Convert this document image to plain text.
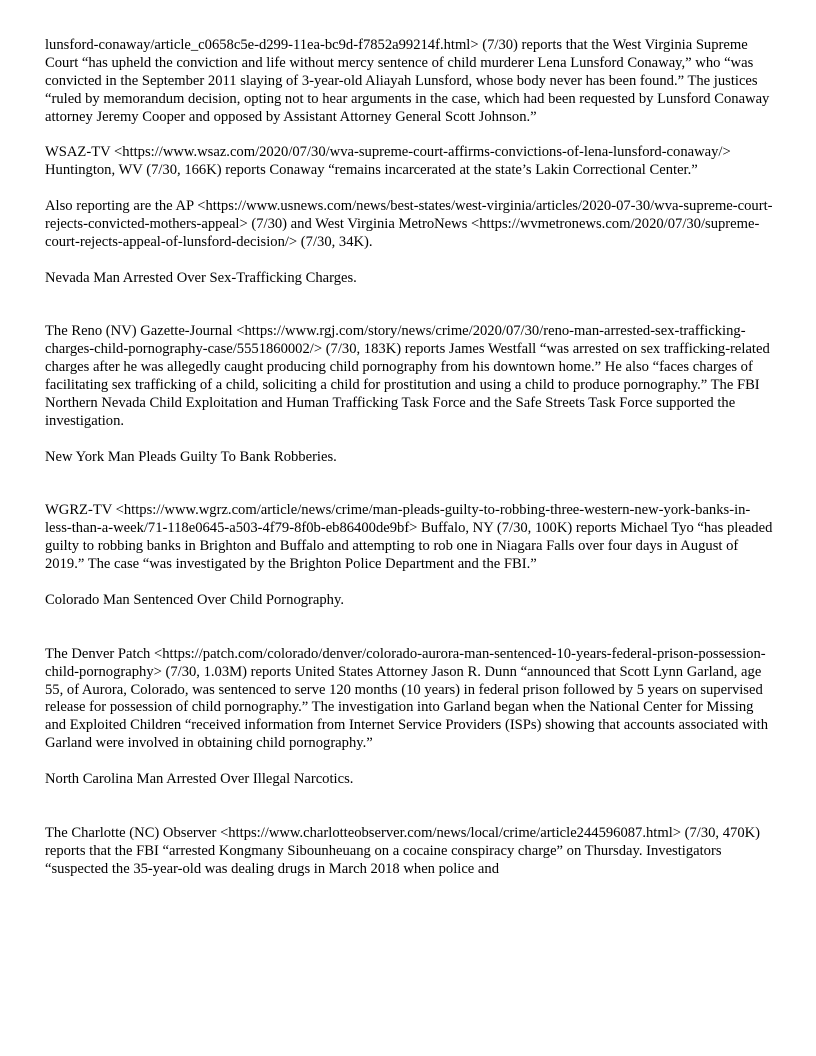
lunsford-conaway/article_c0658c5e-d299-11ea-bc9d-f7852a99214f.html> (7/30) reports that the West Virginia Supreme Court “has upheld the conviction and life without mercy sentence of child murderer Lena Lunsford Conaway,” who “was convicted in the September 2011 slaying of 3-year-old Aliayah Lunsford, whose body never has been found.” The justices “ruled by memorandum decision, opting not to hear arguments in the case, which had been requested by Lunsford Conaway attorney Jeremy Cooper and opposed by Assistant Attorney General Scott Johnson.”

WSAZ-TV <https://www.wsaz.com/2020/07/30/wva-supreme-court-affirms-convictions-of-lena-lunsford-conaway/> Huntington, WV (7/30, 166K) reports Conaway “remains incarcerated at the state’s Lakin Correctional Center.”

Also reporting are the AP <https://www.usnews.com/news/best-states/west-virginia/articles/2020-07-30/wva-supreme-court-rejects-convicted-mothers-appeal> (7/30) and West Virginia MetroNews <https://wvmetronews.com/2020/07/30/supreme-court-rejects-appeal-of-lunsford-decision/> (7/30, 34K).

Nevada Man Arrested Over Sex-Trafficking Charges.

The Reno (NV) Gazette-Journal <https://www.rgj.com/story/news/crime/2020/07/30/reno-man-arrested-sex-trafficking-charges-child-pornography-case/5551860002/> (7/30, 183K) reports James Westfall “was arrested on sex trafficking-related charges after he was allegedly caught producing child pornography from his downtown home.” He also “faces charges of facilitating sex trafficking of a child, soliciting a child for prostitution and using a child to produce pornography.” The FBI Northern Nevada Child Exploitation and Human Trafficking Task Force and the Safe Streets Task Force supported the investigation.

New York Man Pleads Guilty To Bank Robberies.

WGRZ-TV <https://www.wgrz.com/article/news/crime/man-pleads-guilty-to-robbing-three-western-new-york-banks-in-less-than-a-week/71-118e0645-a503-4f79-8f0b-eb86400de9bf> Buffalo, NY (7/30, 100K) reports Michael Tyo “has pleaded guilty to robbing banks in Brighton and Buffalo and attempting to rob one in Niagara Falls over four days in August of 2019.” The case “was investigated by the Brighton Police Department and the FBI.”

Colorado Man Sentenced Over Child Pornography.

The Denver Patch <https://patch.com/colorado/denver/colorado-aurora-man-sentenced-10-years-federal-prison-possession-child-pornography> (7/30, 1.03M) reports United States Attorney Jason R. Dunn “announced that Scott Lynn Garland, age 55, of Aurora, Colorado, was sentenced to serve 120 months (10 years) in federal prison followed by 5 years on supervised release for possession of child pornography.” The investigation into Garland began when the National Center for Missing and Exploited Children “received information from Internet Service Providers (ISPs) showing that accounts associated with Garland were involved in obtaining child pornography.”

North Carolina Man Arrested Over Illegal Narcotics.

The Charlotte (NC) Observer <https://www.charlotteobserver.com/news/local/crime/article244596087.html> (7/30, 470K) reports that the FBI “arrested Kongmany Sibounheuang on a cocaine conspiracy charge” on Thursday. Investigators “suspected the 35-year-old was dealing drugs in March 2018 when police and
